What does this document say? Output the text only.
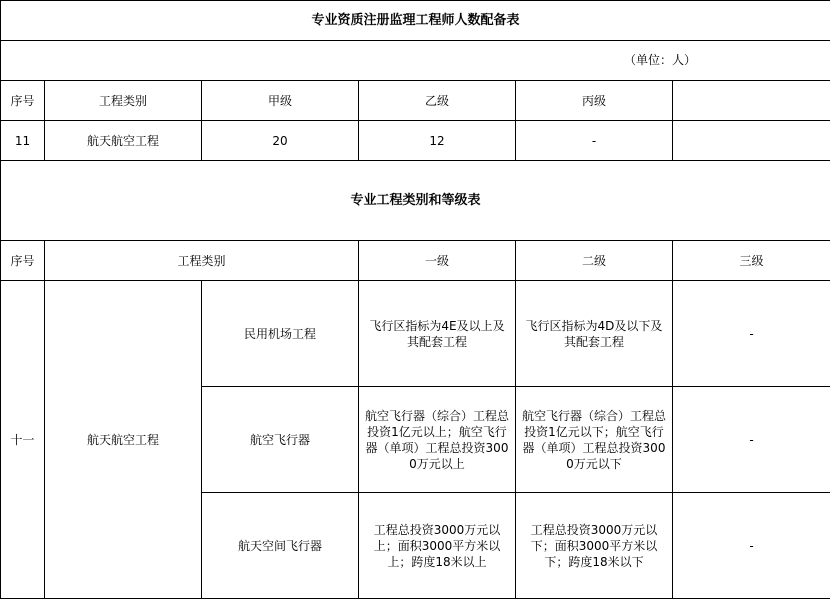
专业资质注册监理工程师人数配备表					

序号	工程类别	甲级	乙级	丙级	
11	航天航空工程	20	12	-	
专业工程类别和等级表					
序号	工程类别		一级	二级	三级
十一	航天航空工程	民用机场工程	飞行区指标为4E及以上及其配套工程	飞行区指标为4D及以下及其配套工程	-
		航空飞行器	航空飞行器（综合）工程总投资1亿元以上；航空飞行器（单项）工程总投资3000万元以上	航空飞行器（综合）工程总投资1亿元以下；航空飞行器（单项）工程总投资3000万元以下	-
		航天空间飞行器	工程总投资3000万元以上；面积3000平方米以上；跨度18米以上	工程总投资3000万元以下；面积3000平方米以下；跨度18米以下	-
（单位：人）
